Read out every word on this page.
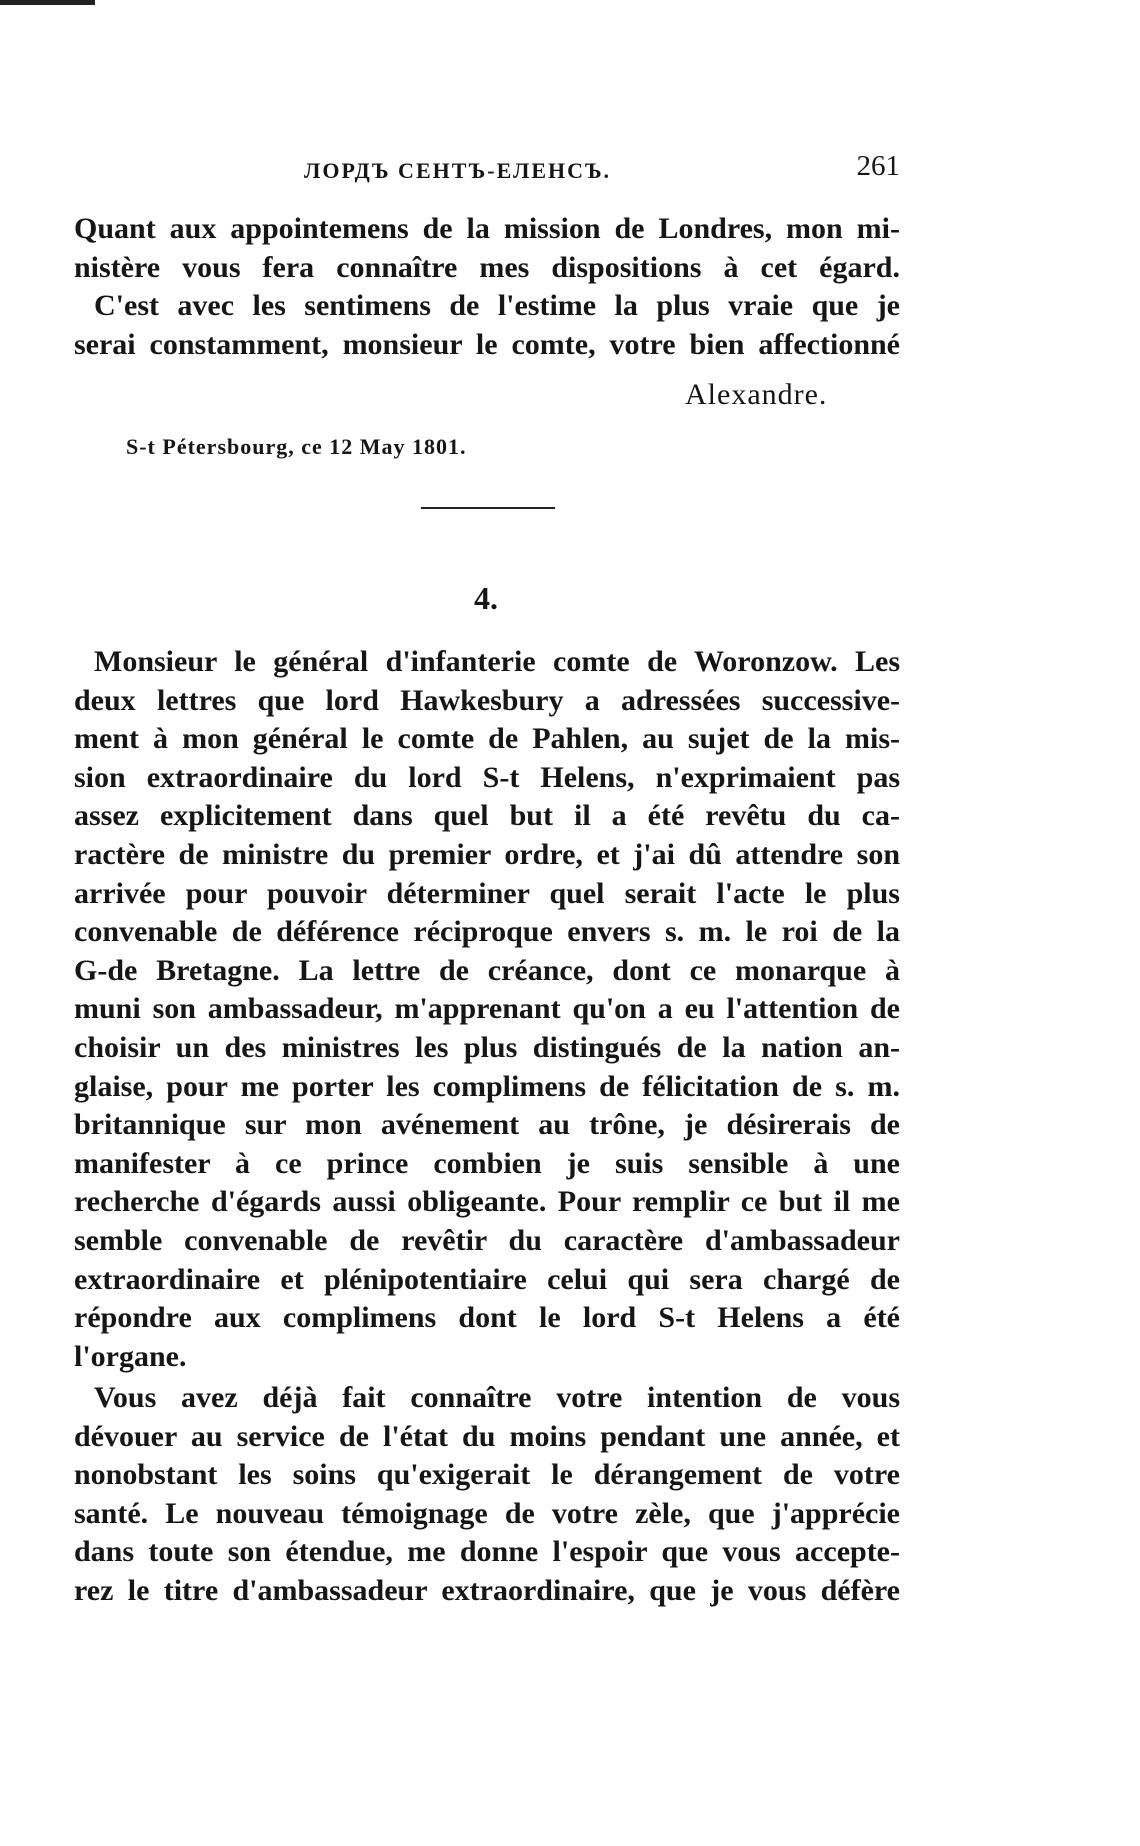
ЛОРДЪ СЕНТЪ-ЕЛЕНСЪ.	261
Quant aux appointemens de la mission de Londres, mon mi-
nistère vous fera connaître mes dispositions à cet égard.
C'est avec les sentimens de l'estime la plus vraie que je
serai constamment, monsieur le comte, votre bien affectionné
Alexandre.
S-t Pétersbourg, ce 12 May 1801.
4.
Monsieur le général d'infanterie comte de Woronzow. Les
deux lettres que lord Hawkesbury a adressées successive-
ment à mon général le comte de Pahlen, au sujet de la mis-
sion extraordinaire du lord S-t Helens, n'exprimaient pas
assez explicitement dans quel but il a été revêtu du ca-
ractère de ministre du premier ordre, et j'ai dû attendre son
arrivée pour pouvoir déterminer quel serait l'acte le plus
convenable de déférence réciproque envers s. m. le roi de la
G-de Bretagne. La lettre de créance, dont ce monarque à
muni son ambassadeur, m'apprenant qu'on a eu l'attention de
choisir un des ministres les plus distingués de la nation an-
glaise, pour me porter les complimens de félicitation de s. m.
britannique sur mon avénement au trône, je désirerais de
manifester à ce prince combien je suis sensible à une
recherche d'égards aussi obligeante. Pour remplir ce but il me
semble convenable de revêtir du caractère d'ambassadeur
extraordinaire et plénipotentiaire celui qui sera chargé de
répondre aux complimens dont le lord S-t Helens a été
l'organe.
Vous avez déjà fait connaître votre intention de vous
dévouer au service de l'état du moins pendant une année, et
nonobstant les soins qu'exigerait le dérangement de votre
santé. Le nouveau témoignage de votre zèle, que j'apprécie
dans toute son étendue, me donne l'espoir que vous accepte-
rez le titre d'ambassadeur extraordinaire, que je vous défère
